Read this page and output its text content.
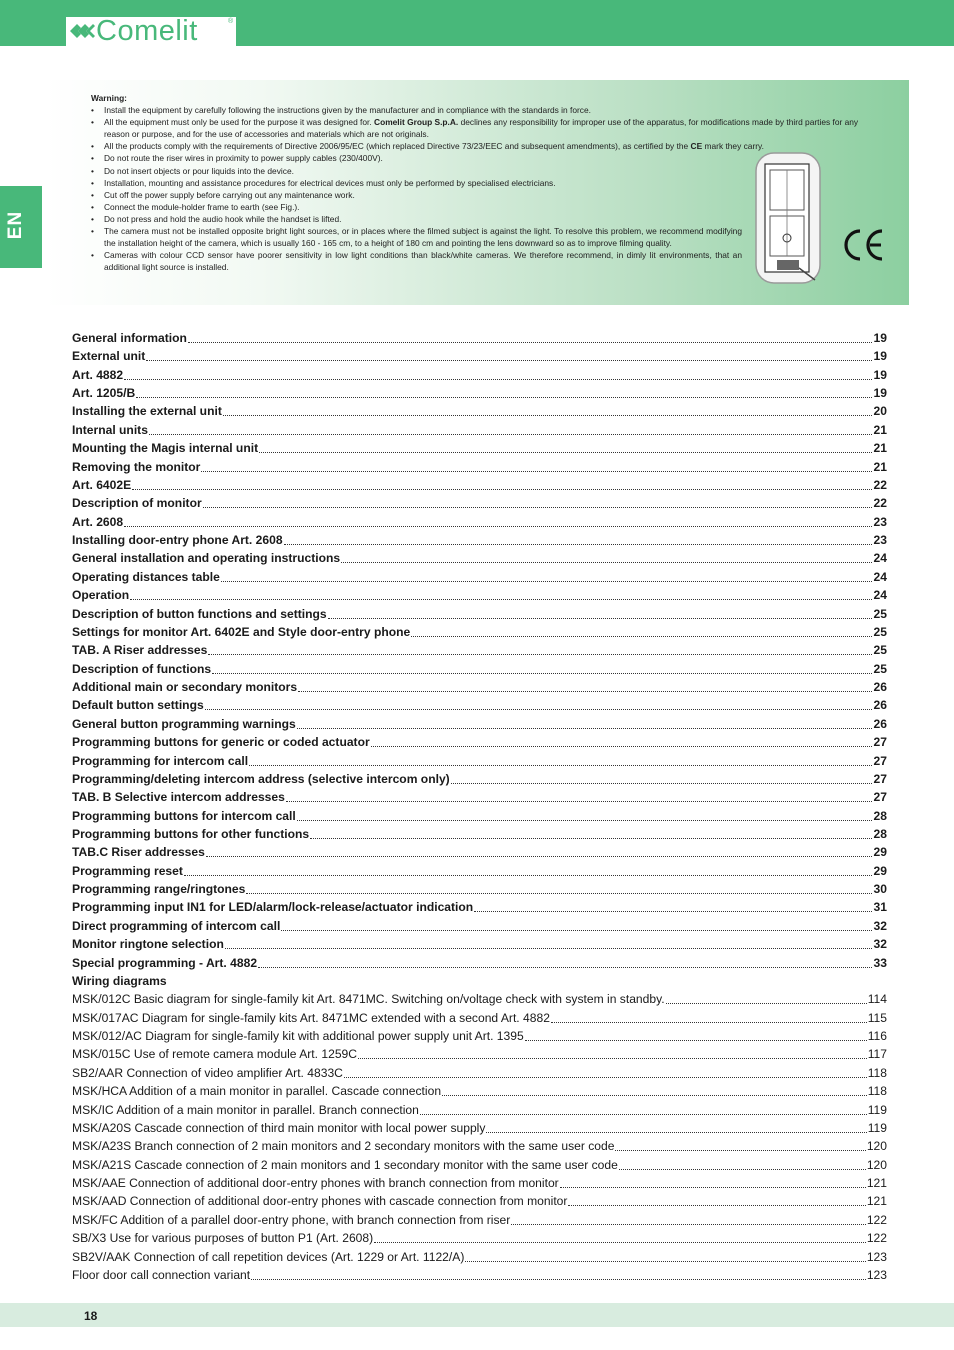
Comelit	®
EN
Warning:
• Install the equipment by carefully following the instructions given by the manufacturer and in compliance with the standards in force.
• All the equipment must only be used for the purpose it was designed for. Comelit Group S.p.A. declines any responsibility for improper use of the apparatus, for modifications made by third parties for any reason or purpose, and for the use of accessories and materials which are not originals.
• All the products comply with the requirements of Directive 2006/95/EC (which replaced Directive 73/23/EEC and subsequent amendments), as certified by the CE mark they carry.
• Do not route the riser wires in proximity to power supply cables (230/400V).
• Do not insert objects or pour liquids into the device.
• Installation, mounting and assistance procedures for electrical devices must only be performed by specialised electricians.
• Cut off the power supply before carrying out any maintenance work.
• Connect the module-holder frame to earth (see Fig.).
• Do not press and hold the audio hook while the handset is lifted.
• The camera must not be installed opposite bright light sources, or in places where the filmed subject is against the light. To resolve this problem, we recommend modifying the installation height of the camera, which is usually 160 - 165 cm, to a height of 180 cm and pointing the lens downward so as to improve filming quality.
• Cameras with colour CCD sensor have poorer sensitivity in low light conditions than black/white cameras. We therefore recommend, in dimly lit environments, that an additional light source is installed.
General information	19
External unit	19
Art. 4882	19
Art. 1205/B	19
Installing the external unit	20
Internal units	21
Mounting the Magis internal unit	21
Removing the monitor	21
Art. 6402E	22
Description of monitor	22
Art. 2608	23
Installing door-entry phone Art. 2608	23
General installation and operating instructions	24
Operating distances table	24
Operation	24
Description of button functions and settings	25
Settings for monitor Art. 6402E and Style door-entry phone	25
TAB. A Riser addresses	25
Description of functions	25
Additional main or secondary monitors	26
Default button settings	26
General button programming warnings	26
Programming buttons for generic or coded actuator	27
Programming for intercom call	27
Programming/deleting intercom address (selective intercom only)	27
TAB. B Selective intercom addresses	27
Programming buttons for intercom call	28
Programming buttons for other functions	28
TAB.C Riser addresses	29
Programming reset	29
Programming range/ringtones	30
Programming input IN1 for LED/alarm/lock-release/actuator indication	31
Direct programming of intercom call	32
Monitor ringtone selection	32
Special programming - Art. 4882	33
Wiring diagrams
MSK/012C Basic diagram for single-family kit Art. 8471MC. Switching on/voltage check with system in standby.	114
MSK/017AC Diagram for single-family kits Art. 8471MC extended with a second Art. 4882	115
MSK/012/AC Diagram for single-family kit with additional power supply unit Art. 1395	116
MSK/015C Use of remote camera module Art. 1259C	117
SB2/AAR Connection of video amplifier Art. 4833C	118
MSK/HCA Addition of a main monitor in parallel. Cascade connection	118
MSK/IC Addition of a main monitor in parallel. Branch connection	119
MSK/A20S Cascade connection of third main monitor with local power supply	119
MSK/A23S Branch connection of 2 main monitors and 2 secondary monitors with the same user code	120
MSK/A21S Cascade connection of 2 main monitors and 1 secondary monitor with the same user code	120
MSK/AAE Connection of additional door-entry phones with branch connection from monitor	121
MSK/AAD Connection of additional door-entry phones with cascade connection from monitor	121
MSK/FC Addition of a parallel door-entry phone, with branch connection from riser	122
SB/X3 Use for various purposes of button P1 (Art. 2608)	122
SB2V/AAK Connection of call repetition devices (Art. 1229 or Art. 1122/A)	123
Floor door call connection variant	123
18
